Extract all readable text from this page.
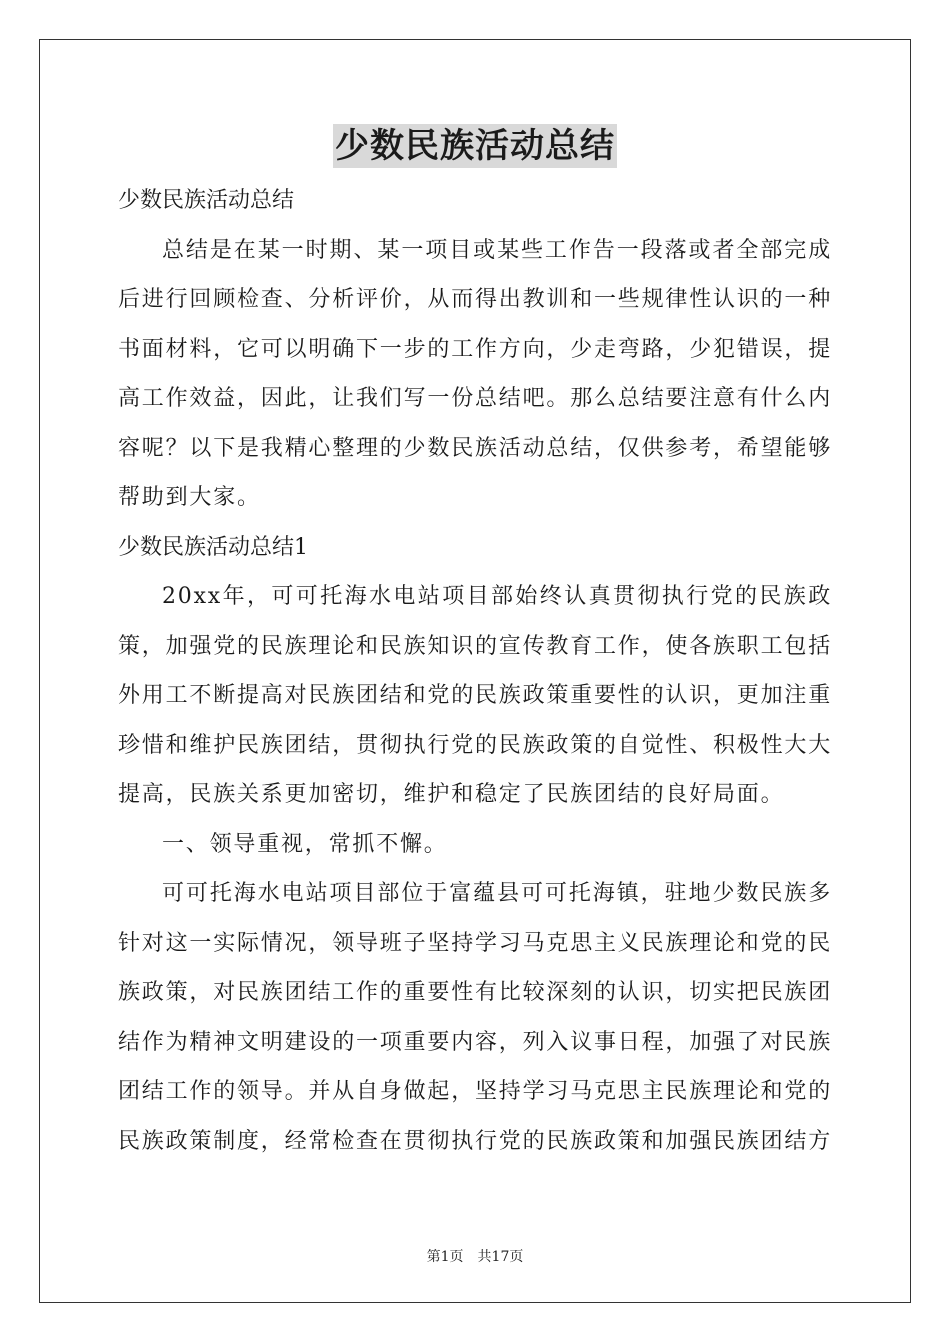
少数民族活动总结

少数民族活动总结

总结是在某一时期、某一项目或某些工作告一段落或者全部完成后进行回顾检查、分析评价，从而得出教训和一些规律性认识的一种书面材料，它可以明确下一步的工作方向，少走弯路，少犯错误，提高工作效益，因此，让我们写一份总结吧。那么总结要注意有什么内容呢？以下是我精心整理的少数民族活动总结，仅供参考，希望能够帮助到大家。

少数民族活动总结1

20xx年，可可托海水电站项目部始终认真贯彻执行党的民族政策，加强党的民族理论和民族知识的宣传教育工作，使各族职工包括外用工不断提高对民族团结和党的民族政策重要性的认识，更加注重珍惜和维护民族团结，贯彻执行党的民族政策的自觉性、积极性大大提高，民族关系更加密切，维护和稳定了民族团结的良好局面。

一、领导重视，常抓不懈。

可可托海水电站项目部位于富蕴县可可托海镇，驻地少数民族多针对这一实际情况，领导班子坚持学习马克思主义民族理论和党的民族政策，对民族团结工作的重要性有比较深刻的认识，切实把民族团结作为精神文明建设的一项重要内容，列入议事日程，加强了对民族团结工作的领导。并从自身做起，坚持学习马克思主民族理论和党的民族政策制度，经常检查在贯彻执行党的民族政策和加强民族团结方

第1页 共17页
